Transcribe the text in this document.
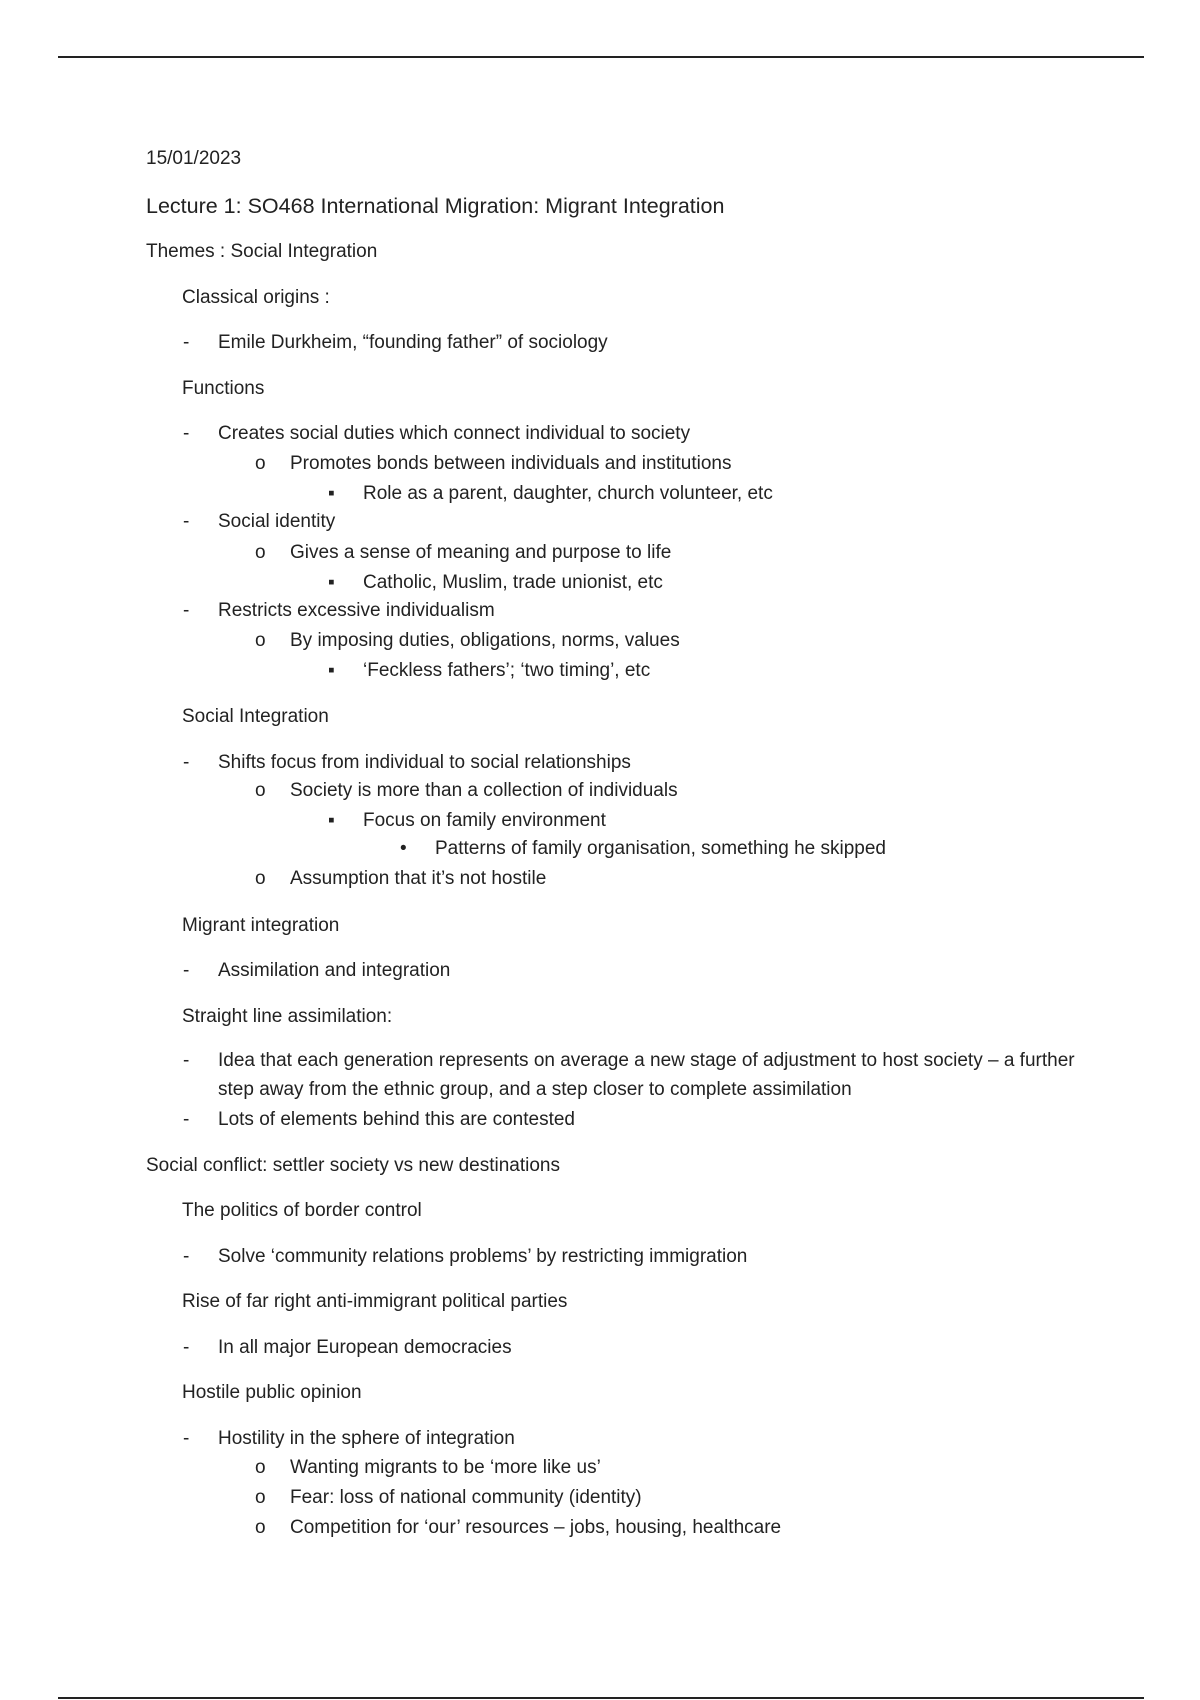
15/01/2023
Lecture 1: SO468 International Migration: Migrant Integration
Themes : Social Integration
Classical origins :
- Emile Durkheim, “founding father” of sociology
Functions
- Creates social duties which connect individual to society
o Promotes bonds between individuals and institutions
▪ Role as a parent, daughter, church volunteer, etc
- Social identity
o Gives a sense of meaning and purpose to life
▪ Catholic, Muslim, trade unionist, etc
- Restricts excessive individualism
o By imposing duties, obligations, norms, values
▪ ‘Feckless fathers’; ‘two timing’, etc
Social Integration
- Shifts focus from individual to social relationships
o Society is more than a collection of individuals
▪ Focus on family environment
• Patterns of family organisation, something he skipped
o Assumption that it’s not hostile
Migrant integration
- Assimilation and integration
Straight line assimilation:
- Idea that each generation represents on average a new stage of adjustment to host society – a further step away from the ethnic group, and a step closer to complete assimilation
- Lots of elements behind this are contested
Social conflict: settler society vs new destinations
The politics of border control
- Solve ‘community relations problems’ by restricting immigration
Rise of far right anti-immigrant political parties
- In all major European democracies
Hostile public opinion
- Hostility in the sphere of integration
o Wanting migrants to be ‘more like us’
o Fear: loss of national community (identity)
o Competition for ‘our’ resources – jobs, housing, healthcare
